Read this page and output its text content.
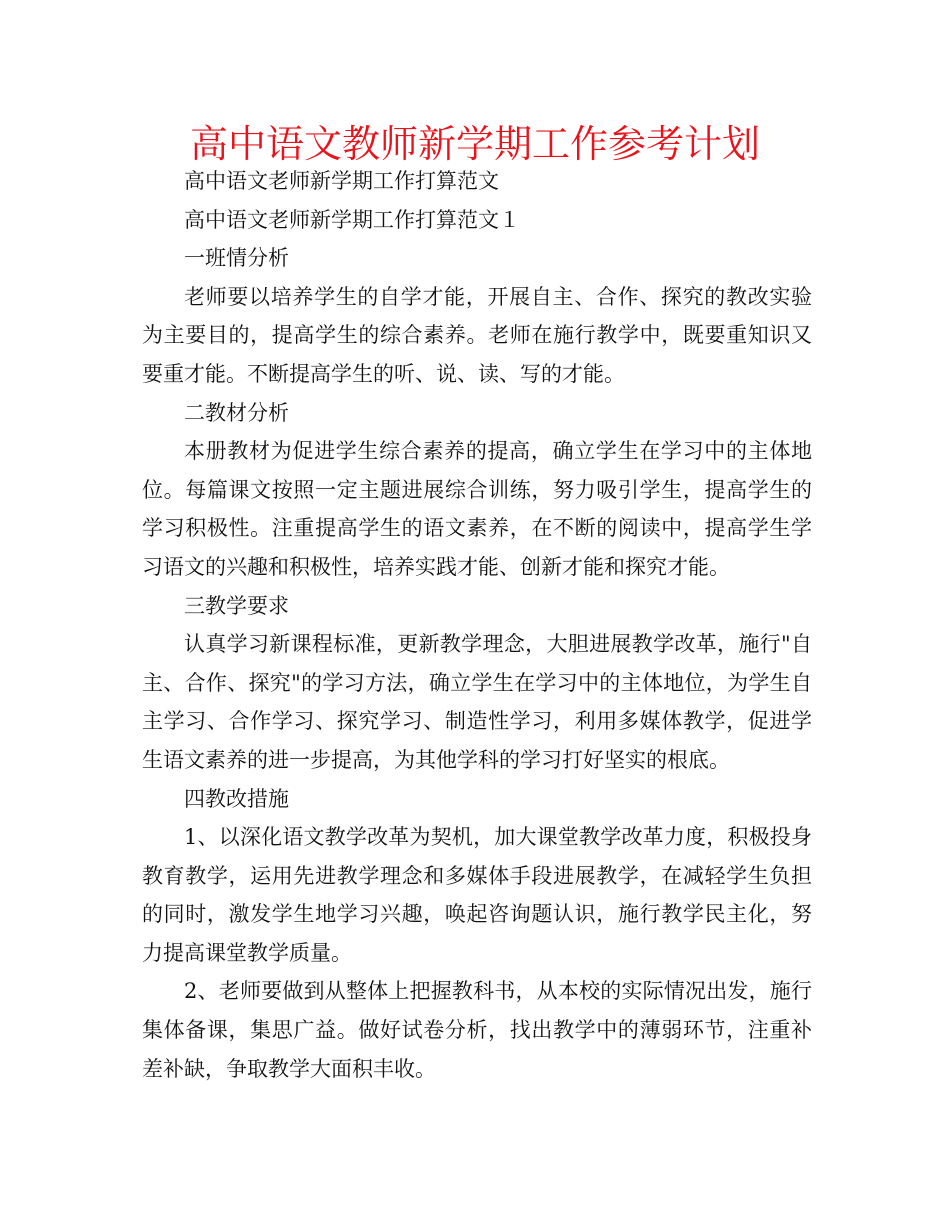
高中语文教师新学期工作参考计划

高中语文老师新学期工作打算范文

高中语文老师新学期工作打算范文１

一班情分析

老师要以培养学生的自学才能，开展自主、合作、探究的教改实验为主要目的，提高学生的综合素养。老师在施行教学中，既要重知识又要重才能。不断提高学生的听、说、读、写的才能。

二教材分析

本册教材为促进学生综合素养的提高，确立学生在学习中的主体地位。每篇课文按照一定主题进展综合训练，努力吸引学生，提高学生的学习积极性。注重提高学生的语文素养，在不断的阅读中，提高学生学习语文的兴趣和积极性，培养实践才能、创新才能和探究才能。

三教学要求

认真学习新课程标准，更新教学理念，大胆进展教学改革，施行"自主、合作、探究"的学习方法，确立学生在学习中的主体地位，为学生自主学习、合作学习、探究学习、制造性学习，利用多媒体教学，促进学生语文素养的进一步提高，为其他学科的学习打好坚实的根底。

四教改措施

1、以深化语文教学改革为契机，加大课堂教学改革力度，积极投身教育教学，运用先进教学理念和多媒体手段进展教学，在减轻学生负担的同时，激发学生地学习兴趣，唤起咨询题认识，施行教学民主化，努力提高课堂教学质量。

2、老师要做到从整体上把握教科书，从本校的实际情况出发，施行集体备课，集思广益。做好试卷分析，找出教学中的薄弱环节，注重补差补缺，争取教学大面积丰收。
